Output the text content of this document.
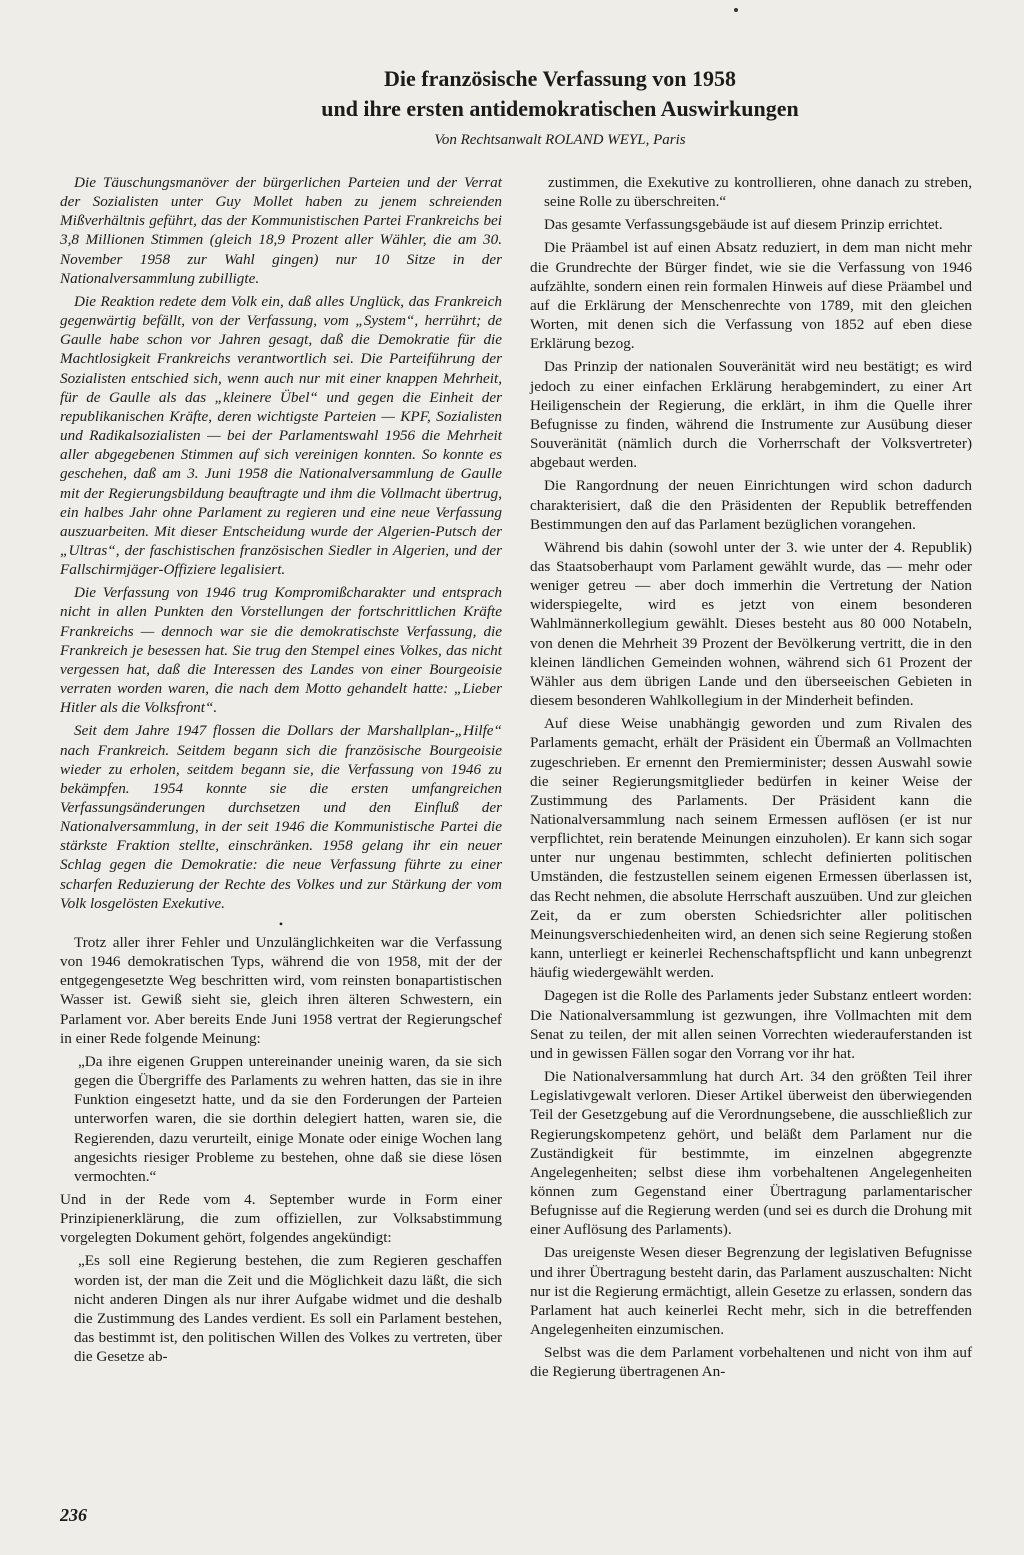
Die französische Verfassung von 1958
und ihre ersten antidemokratischen Auswirkungen
Von Rechtsanwalt ROLAND WEYL, Paris

Die Täuschungsmanöver der bürgerlichen Parteien und der Verrat der Sozialisten unter Guy Mollet haben zu jenem schreienden Mißverhältnis geführt, das der Kommunistischen Partei Frankreichs bei 3,8 Millionen Stimmen (gleich 18,9 Prozent aller Wähler, die am 30. November 1958 zur Wahl gingen) nur 10 Sitze in der Nationalversammlung zubilligte.

Die Reaktion redete dem Volk ein, daß alles Unglück, das Frankreich gegenwärtig befällt, von der Verfassung, vom „System“, herrührt; de Gaulle habe schon vor Jahren gesagt, daß die Demokratie für die Machtlosigkeit Frankreichs verantwortlich sei. Die Parteiführung der Sozialisten entschied sich, wenn auch nur mit einer knappen Mehrheit, für de Gaulle als das „kleinere Übel“ und gegen die Einheit der republikanischen Kräfte, deren wichtigste Parteien — KPF, Sozialisten und Radikalsozialisten — bei der Parlamentswahl 1956 die Mehrheit aller abgegebenen Stimmen auf sich vereinigen konnten. So konnte es geschehen, daß am 3. Juni 1958 die Nationalversammlung de Gaulle mit der Regierungsbildung beauftragte und ihm die Vollmacht übertrug, ein halbes Jahr ohne Parlament zu regieren und eine neue Verfassung auszuarbeiten. Mit dieser Entscheidung wurde der Algerien-Putsch der „Ultras“, der faschistischen französischen Siedler in Algerien, und der Fallschirmjäger-Offiziere legalisiert.

Die Verfassung von 1946 trug Kompromißcharakter und entsprach nicht in allen Punkten den Vorstellungen der fortschrittlichen Kräfte Frankreichs — dennoch war sie die demokratischste Verfassung, die Frankreich je besessen hat. Sie trug den Stempel eines Volkes, das nicht vergessen hat, daß die Interessen des Landes von einer Bourgeoisie verraten worden waren, die nach dem Motto gehandelt hatte: „Lieber Hitler als die Volksfront“.

Seit dem Jahre 1947 flossen die Dollars der Marshallplan-„Hilfe“ nach Frankreich. Seitdem begann sich die französische Bourgeoisie wieder zu erholen, seitdem begann sie, die Verfassung von 1946 zu bekämpfen. 1954 konnte sie die ersten umfangreichen Verfassungsänderungen durchsetzen und den Einfluß der Nationalversammlung, in der seit 1946 die Kommunistische Partei die stärkste Fraktion stellte, einschränken. 1958 gelang ihr ein neuer Schlag gegen die Demokratie: die neue Verfassung führte zu einer scharfen Reduzierung der Rechte des Volkes und zur Stärkung der vom Volk losgelösten Exekutive.

•

Trotz aller ihrer Fehler und Unzulänglichkeiten war die Verfassung von 1946 demokratischen Typs, während die von 1958, mit der der entgegengesetzte Weg beschritten wird, vom reinsten bonapartistischen Wasser ist. Gewiß sieht sie, gleich ihren älteren Schwestern, ein Parlament vor. Aber bereits Ende Juni 1958 vertrat der Regierungschef in einer Rede folgende Meinung:

„Da ihre eigenen Gruppen untereinander uneinig waren, da sie sich gegen die Übergriffe des Parlaments zu wehren hatten, das sie in ihre Funktion eingesetzt hatte, und da sie den Forderungen der Parteien unterworfen waren, die sie dorthin delegiert hatten, waren sie, die Regierenden, dazu verurteilt, einige Monate oder einige Wochen lang angesichts riesiger Probleme zu bestehen, ohne daß sie diese lösen vermochten.“

Und in der Rede vom 4. September wurde in Form einer Prinzipienerklärung, die zum offiziellen, zur Volksabstimmung vorgelegten Dokument gehört, folgendes angekündigt:

„Es soll eine Regierung bestehen, die zum Regieren geschaffen worden ist, der man die Zeit und die Möglichkeit dazu läßt, die sich nicht anderen Dingen als nur ihrer Aufgabe widmet und die deshalb die Zustimmung des Landes verdient. Es soll ein Parlament bestehen, das bestimmt ist, den politischen Willen des Volkes zu vertreten, über die Gesetze ab-

zustimmen, die Exekutive zu kontrollieren, ohne danach zu streben, seine Rolle zu überschreiten.“

Das gesamte Verfassungsgebäude ist auf diesem Prinzip errichtet.

Die Präambel ist auf einen Absatz reduziert, in dem man nicht mehr die Grundrechte der Bürger findet, wie sie die Verfassung von 1946 aufzählte, sondern einen rein formalen Hinweis auf diese Präambel und auf die Erklärung der Menschenrechte von 1789, mit den gleichen Worten, mit denen sich die Verfassung von 1852 auf eben diese Erklärung bezog.

Das Prinzip der nationalen Souveränität wird neu bestätigt; es wird jedoch zu einer einfachen Erklärung herabgemindert, zu einer Art Heiligenschein der Regierung, die erklärt, in ihm die Quelle ihrer Befugnisse zu finden, während die Instrumente zur Ausübung dieser Souveränität (nämlich durch die Vorherrschaft der Volksvertreter) abgebaut werden.

Die Rangordnung der neuen Einrichtungen wird schon dadurch charakterisiert, daß die den Präsidenten der Republik betreffenden Bestimmungen den auf das Parlament bezüglichen vorangehen.

Während bis dahin (sowohl unter der 3. wie unter der 4. Republik) das Staatsoberhaupt vom Parlament gewählt wurde, das — mehr oder weniger getreu — aber doch immerhin die Vertretung der Nation widerspiegelte, wird es jetzt von einem besonderen Wahlmännerkollegium gewählt. Dieses besteht aus 80 000 Notabeln, von denen die Mehrheit 39 Prozent der Bevölkerung vertritt, die in den kleinen ländlichen Gemeinden wohnen, während sich 61 Prozent der Wähler aus dem übrigen Lande und den überseeischen Gebieten in diesem besonderen Wahlkollegium in der Minderheit befinden.

Auf diese Weise unabhängig geworden und zum Rivalen des Parlaments gemacht, erhält der Präsident ein Übermaß an Vollmachten zugeschrieben. Er ernennt den Premierminister; dessen Auswahl sowie die seiner Regierungsmitglieder bedürfen in keiner Weise der Zustimmung des Parlaments. Der Präsident kann die Nationalversammlung nach seinem Ermessen auflösen (er ist nur verpflichtet, rein beratende Meinungen einzuholen). Er kann sich sogar unter nur ungenau bestimmten, schlecht definierten politischen Umständen, die festzustellen seinem eigenen Ermessen überlassen ist, das Recht nehmen, die absolute Herrschaft auszuüben. Und zur gleichen Zeit, da er zum obersten Schiedsrichter aller politischen Meinungsverschiedenheiten wird, an denen sich seine Regierung stoßen kann, unterliegt er keinerlei Rechenschaftspflicht und kann unbegrenzt häufig wiedergewählt werden.

Dagegen ist die Rolle des Parlaments jeder Substanz entleert worden: Die Nationalversammlung ist gezwungen, ihre Vollmachten mit dem Senat zu teilen, der mit allen seinen Vorrechten wiederauferstanden ist und in gewissen Fällen sogar den Vorrang vor ihr hat.

Die Nationalversammlung hat durch Art. 34 den größten Teil ihrer Legislativgewalt verloren. Dieser Artikel überweist den überwiegenden Teil der Gesetzgebung auf die Verordnungsebene, die ausschließlich zur Regierungskompetenz gehört, und beläßt dem Parlament nur die Zuständigkeit für bestimmte, im einzelnen abgegrenzte Angelegenheiten; selbst diese ihm vorbehaltenen Angelegenheiten können zum Gegenstand einer Übertragung parlamentarischer Befugnisse auf die Regierung werden (und sei es durch die Drohung mit einer Auflösung des Parlaments).

Das ureigenste Wesen dieser Begrenzung der legislativen Befugnisse und ihrer Übertragung besteht darin, das Parlament auszuschalten: Nicht nur ist die Regierung ermächtigt, allein Gesetze zu erlassen, sondern das Parlament hat auch keinerlei Recht mehr, sich in die betreffenden Angelegenheiten einzumischen.

Selbst was die dem Parlament vorbehaltenen und nicht von ihm auf die Regierung übertragenen An-

236
